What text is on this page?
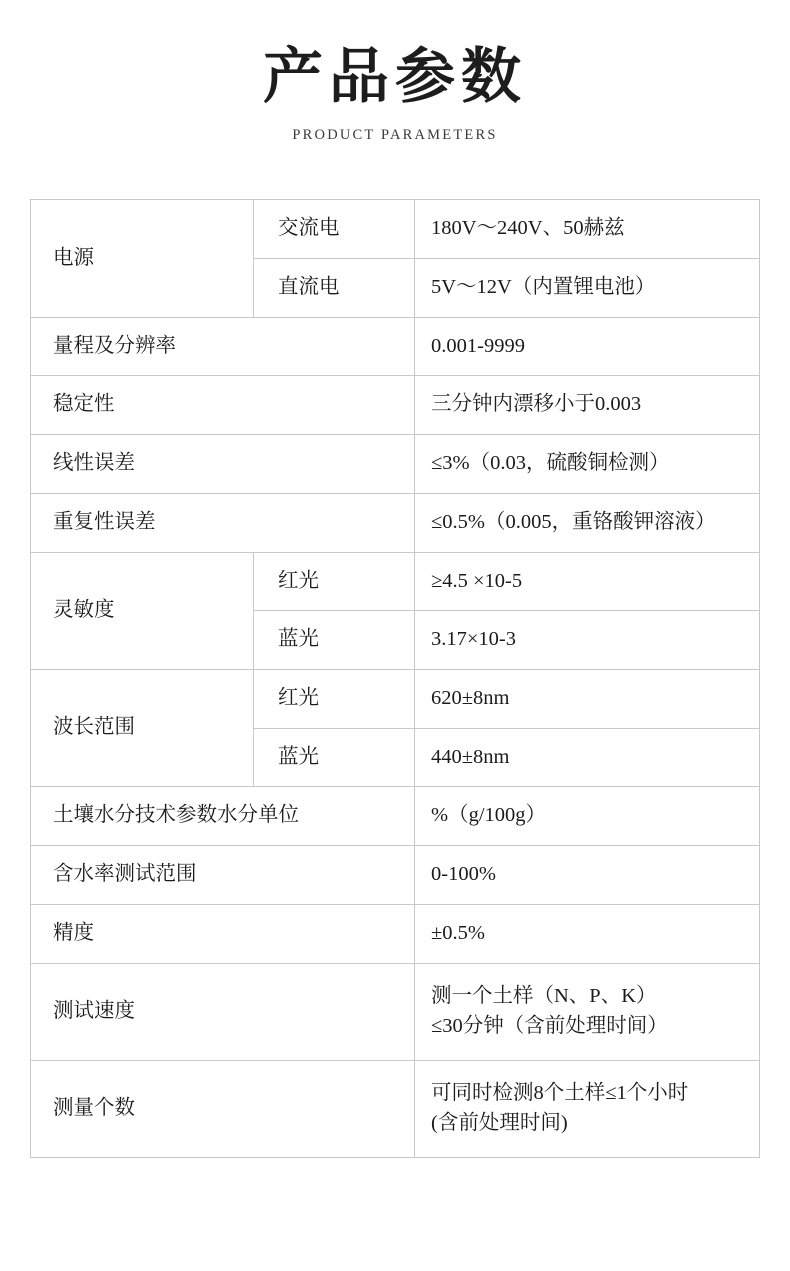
产品参数
PRODUCT PARAMETERS
电源	交流电	180V～240V、50赫兹
	直流电	5V～12V（内置锂电池）
量程及分辨率		0.001-9999
稳定性		三分钟内漂移小于0.003
线性误差		≤3%（0.03，硫酸铜检测）
重复性误差		≤0.5%（0.005，重铬酸钾溶液）
灵敏度	红光	≥4.5 ×10-5
	蓝光	3.17×10-3
波长范围	红光	620±8nm
	蓝光	440±8nm
土壤水分技术参数水分单位		%（g/100g）
含水率测试范围		0-100%
精度		±0.5%
测试速度		测一个土样（N、P、K）
≤30分钟（含前处理时间）

测量个数		可同时检测8个土样≤1个小时
(含前处理时间)
